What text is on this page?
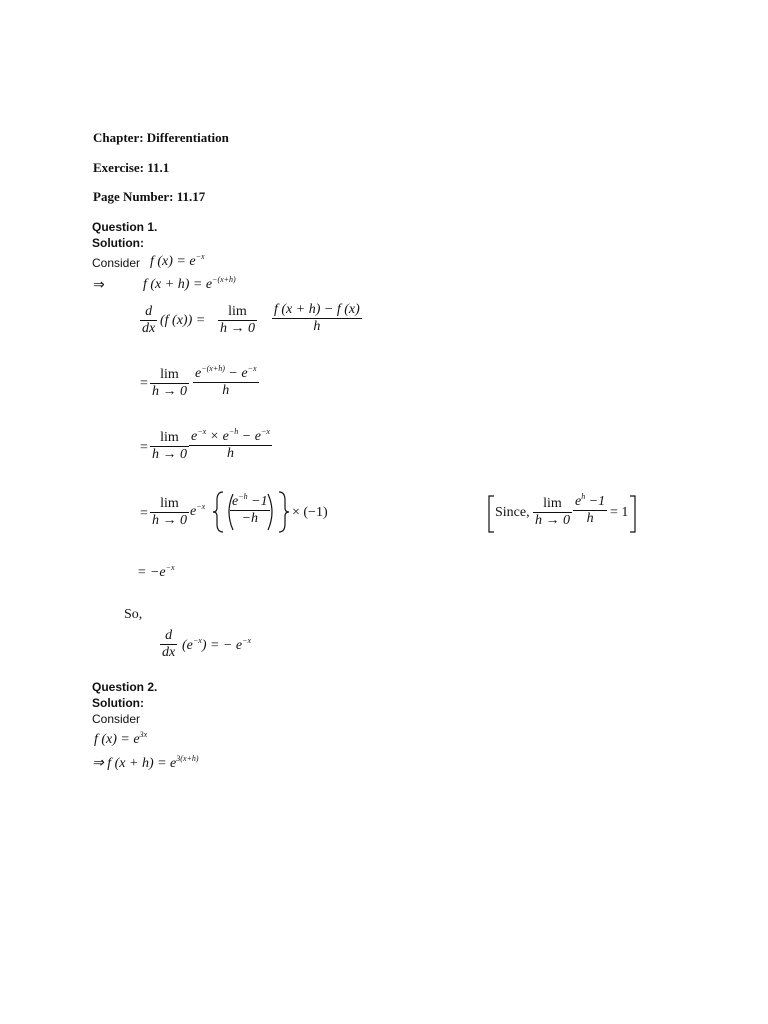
Chapter: Differentiation
Exercise: 11.1
Page Number: 11.17
Question 1.
Solution:
Consider f $(x) = e^{-x}$
⇒	f $(x + h) = e^{-(x+h)}$
$\frac{d}{dx} (f$ $(x)) = \frac{\lim}{h \to 0} \frac{f (x + h) - f (x)}{h}$
= $\frac{\lim}{h \to 0} \frac{e^{-(x+h)} - e^{-x}}{h}$
= $\frac{\lim}{h \to 0} \frac{e^{-x} \times e^{-h} - e^{-x}}{h}$
= $\frac{\lim}{h \to 0} e^{-x} \frac{e^{-h} -1}{-h} \times (-1)$	Since, $\frac{\lim}{h \to 0} \frac{e^h -1}{h} = 1$
= $-e^{-x}$
So,
$\frac{d}{dx} (e^{-x})$ = − $e^{-x}$
Question 2.
Solution:
Consider
f $(x) = e^{3x}$
⇒ f $(x + h) = e^{3(x+h)}$
